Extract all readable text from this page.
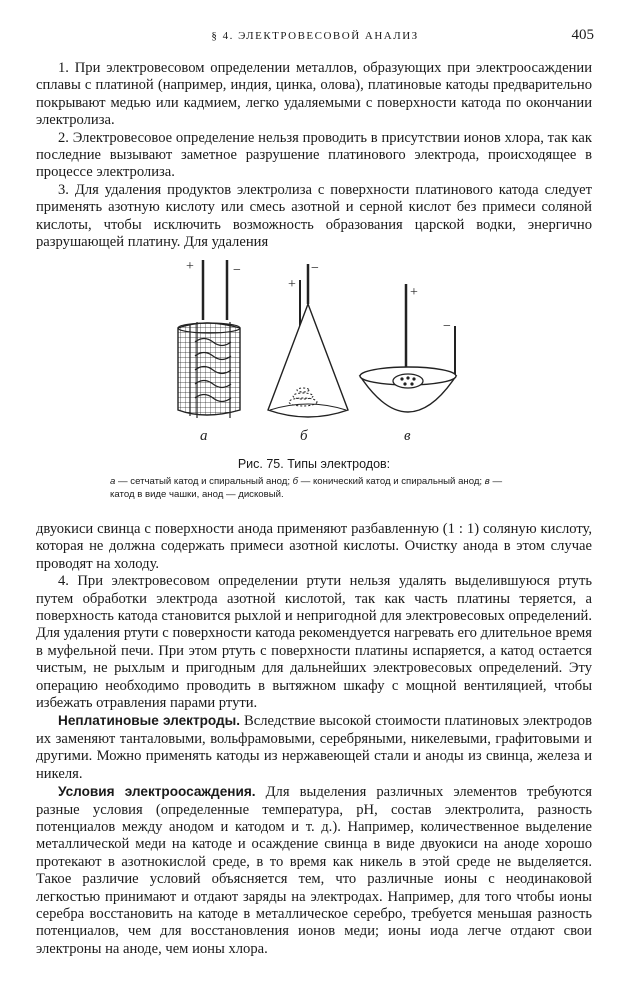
§ 4. ЭЛЕКТРОВЕСОВОЙ АНАЛИЗ	405

1. При электровесовом определении металлов, образующих при электроосаждении сплавы с платиной (например, индия, цинка, олова), платиновые катоды предварительно покрывают медью или кадмием, легко удаляемыми с поверхности катода по окончании электролиза.

2. Электровесовое определение нельзя проводить в присутствии ионов хлора, так как последние вызывают заметное разрушение платинового электрода, происходящее в процессе электролиза.

3. Для удаления продуктов электролиза с поверхности платинового катода следует применять азотную кислоту или смесь азотной и серной кислот без примеси соляной кислоты, чтобы исключить возможность образования царской водки, энергично разрушающей платину. Для удаления

+	−
а
+
−
б
+
−
в
Рис. 75. Типы электродов:
а — сетчатый катод и спиральный анод; б — конический катод и спиральный анод; в — катод в виде чашки, анод — дисковый.

двуокиси свинца с поверхности анода применяют разбавленную (1 : 1) соляную кислоту, которая не должна содержать примеси азотной кислоты. Очистку анода в этом случае проводят на холоду.

4. При электровесовом определении ртути нельзя удалять выделившуюся ртуть путем обработки электрода азотной кислотой, так как часть платины теряется, а поверхность катода становится рыхлой и непригодной для электровесовых определений. Для удаления ртути с поверхности катода рекомендуется нагревать его длительное время в муфельной печи. При этом ртуть с поверхности платины испаряется, а катод остается чистым, не рыхлым и пригодным для дальнейших электровесовых определений. Эту операцию необходимо проводить в вытяжном шкафу с мощной вентиляцией, чтобы избежать отравления парами ртути.

Неплатиновые электроды. Вследствие высокой стоимости платиновых электродов их заменяют танталовыми, вольфрамовыми, серебряными, никелевыми, графитовыми и другими. Можно применять катоды из нержавеющей стали и аноды из свинца, железа и никеля.

Условия электроосаждения. Для выделения различных элементов требуются разные условия (определенные температура, pH, состав электролита, разность потенциалов между анодом и катодом и т. д.). Например, количественное выделение металлической меди на катоде и осаждение свинца в виде двуокиси на аноде хорошо протекают в азотнокислой среде, в то время как никель в этой среде не выделяется. Такое различие условий объясняется тем, что различные ионы с неодинаковой легкостью принимают и отдают заряды на электродах. Например, для того чтобы ионы серебра восстановить на катоде в металлическое серебро, требуется меньшая разность потенциалов, чем для восстановления ионов меди; ионы иода легче отдают свои электроны на аноде, чем ионы хлора.
